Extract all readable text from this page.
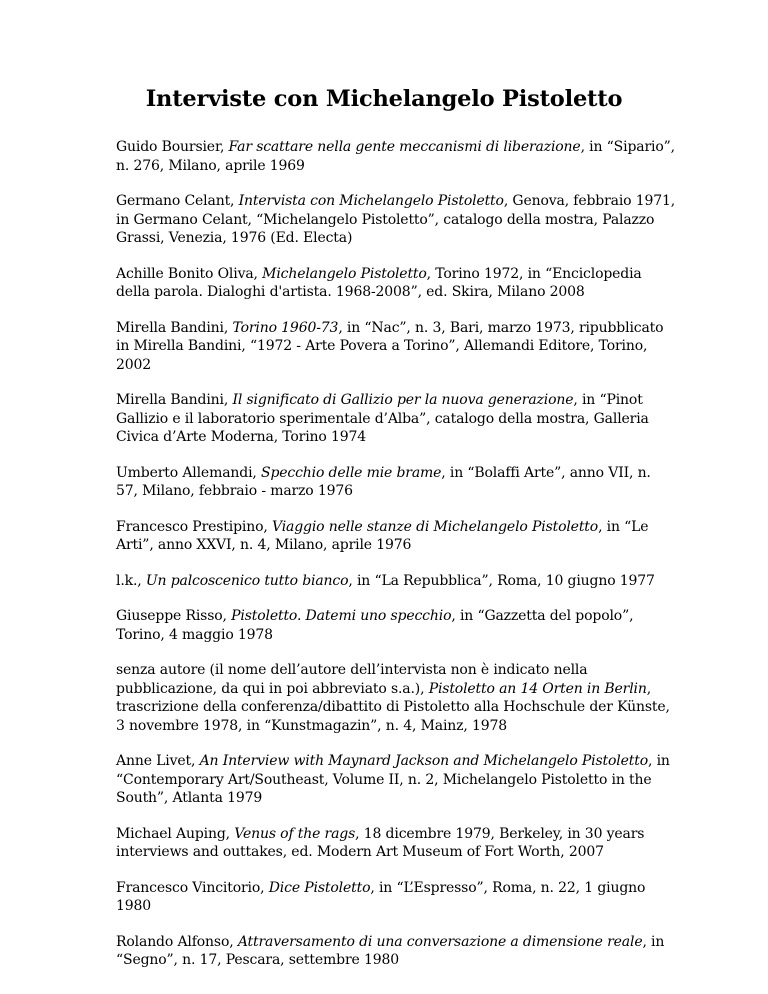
Interviste con Michelangelo Pistoletto

Guido Boursier, Far scattare nella gente meccanismi di liberazione, in “Sipario”, n. 276, Milano, aprile 1969

Germano Celant, Intervista con Michelangelo Pistoletto, Genova, febbraio 1971, in Germano Celant, “Michelangelo Pistoletto”, catalogo della mostra, Palazzo Grassi, Venezia, 1976 (Ed. Electa)

Achille Bonito Oliva, Michelangelo Pistoletto, Torino 1972, in “Enciclopedia della parola. Dialoghi d'artista. 1968-2008”, ed. Skira, Milano 2008

Mirella Bandini, Torino 1960-73, in “Nac”, n. 3, Bari, marzo 1973, ripubblicato in Mirella Bandini, “1972 - Arte Povera a Torino”, Allemandi Editore, Torino, 2002

Mirella Bandini, Il significato di Gallizio per la nuova generazione, in “Pinot Gallizio e il laboratorio sperimentale d’Alba”, catalogo della mostra, Galleria Civica d’Arte Moderna, Torino 1974

Umberto Allemandi, Specchio delle mie brame, in “Bolaffi Arte”, anno VII, n. 57, Milano, febbraio - marzo 1976

Francesco Prestipino, Viaggio nelle stanze di Michelangelo Pistoletto, in “Le Arti”, anno XXVI, n. 4, Milano, aprile 1976

l.k., Un palcoscenico tutto bianco, in “La Repubblica”, Roma, 10 giugno 1977

Giuseppe Risso, Pistoletto. Datemi uno specchio, in “Gazzetta del popolo”, Torino, 4 maggio 1978

senza autore (il nome dell’autore dell’intervista non è indicato nella pubblicazione, da qui in poi abbreviato s.a.), Pistoletto an 14 Orten in Berlin, trascrizione della conferenza/dibattito di Pistoletto alla Hochschule der Künste, 3 novembre 1978, in “Kunstmagazin”, n. 4, Mainz, 1978

Anne Livet, An Interview with Maynard Jackson and Michelangelo Pistoletto, in “Contemporary Art/Southeast, Volume II, n. 2, Michelangelo Pistoletto in the South”, Atlanta 1979

Michael Auping, Venus of the rags, 18 dicembre 1979, Berkeley, in 30 years interviews and outtakes, ed. Modern Art Museum of Fort Worth, 2007

Francesco Vincitorio, Dice Pistoletto, in “L’Espresso”, Roma, n. 22, 1 giugno 1980

Rolando Alfonso, Attraversamento di una conversazione a dimensione reale, in “Segno”, n. 17, Pescara, settembre 1980
